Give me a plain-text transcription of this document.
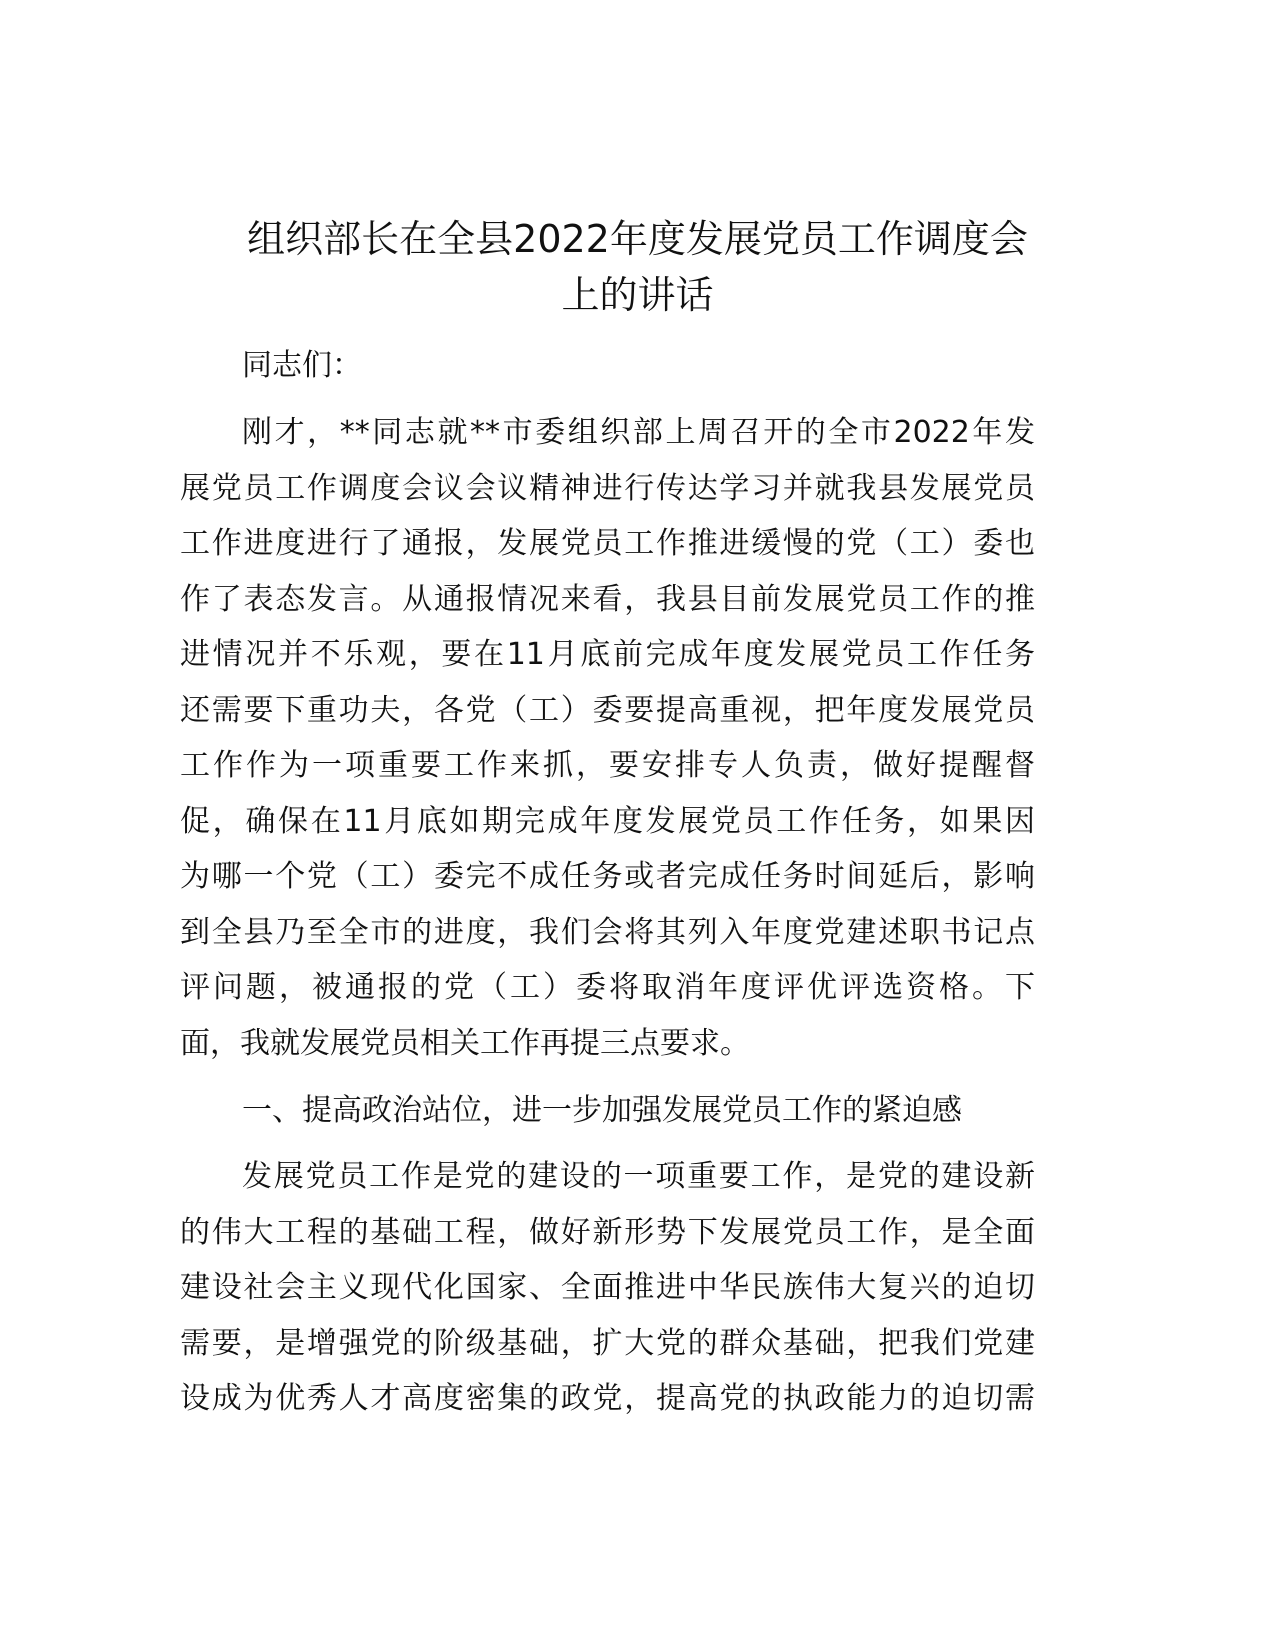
组织部长在全县2022年度发展党员工作调度会
上的讲话
同志们：
刚才，**同志就**市委组织部上周召开的全市2022年发
展党员工作调度会议会议精神进行传达学习并就我县发展党员
工作进度进行了通报，发展党员工作推进缓慢的党（工）委也
作了表态发言。从通报情况来看，我县目前发展党员工作的推
进情况并不乐观，要在11月底前完成年度发展党员工作任务
还需要下重功夫，各党（工）委要提高重视，把年度发展党员
工作作为一项重要工作来抓，要安排专人负责，做好提醒督
促，确保在11月底如期完成年度发展党员工作任务，如果因
为哪一个党（工）委完不成任务或者完成任务时间延后，影响
到全县乃至全市的进度，我们会将其列入年度党建述职书记点
评问题，被通报的党（工）委将取消年度评优评选资格。下
面，我就发展党员相关工作再提三点要求。
一、提高政治站位，进一步加强发展党员工作的紧迫感
发展党员工作是党的建设的一项重要工作，是党的建设新
的伟大工程的基础工程，做好新形势下发展党员工作，是全面
建设社会主义现代化国家、全面推进中华民族伟大复兴的迫切
需要，是增强党的阶级基础，扩大党的群众基础，把我们党建
设成为优秀人才高度密集的政党，提高党的执政能力的迫切需
